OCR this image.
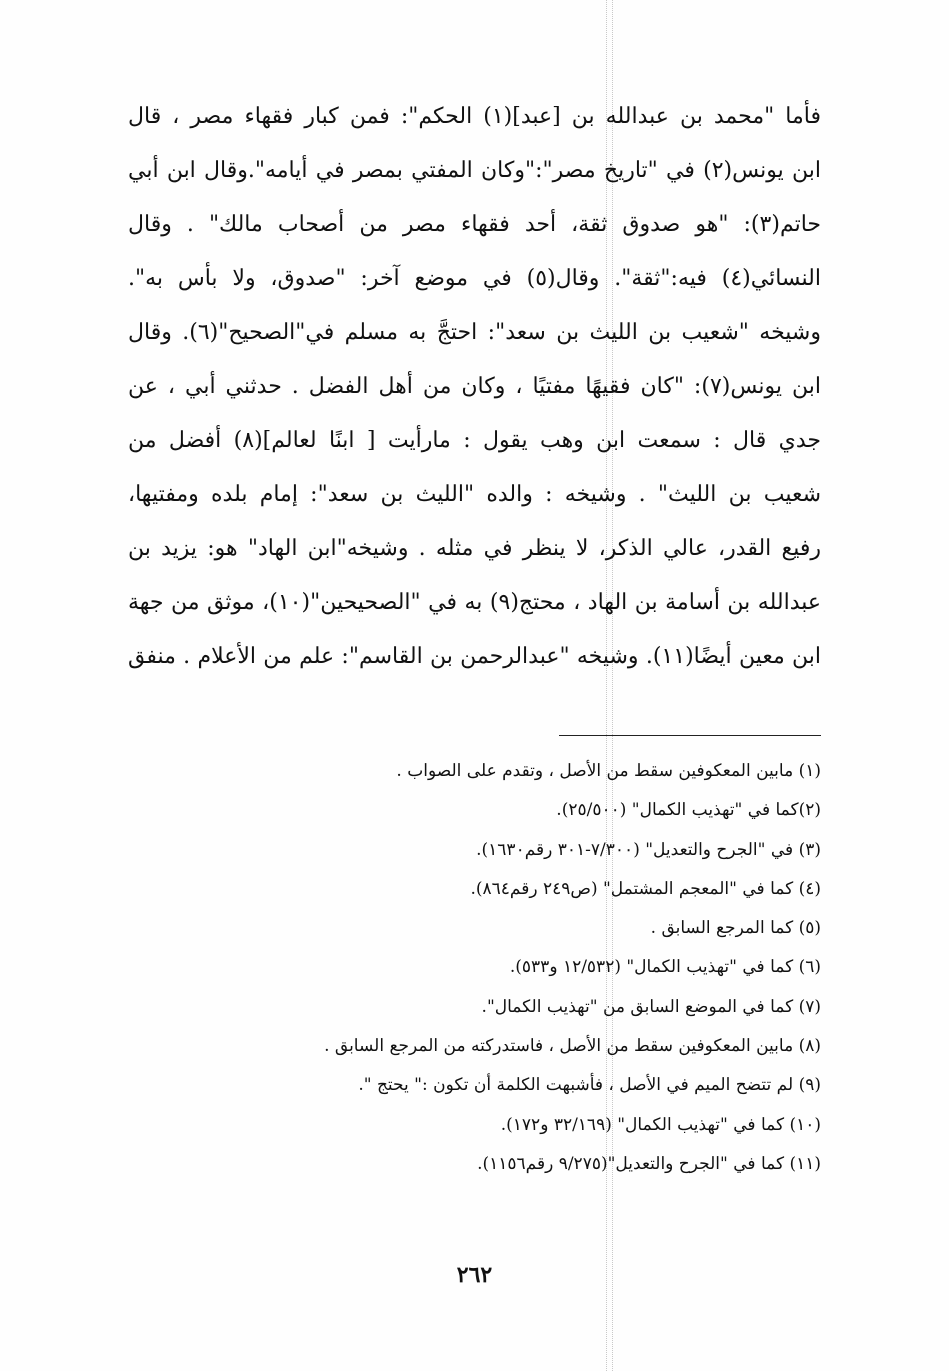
فأما "محمد بن عبدالله بن [عبد](١) الحكم": فمن كبار فقهاء مصر ، قال
ابن يونس(٢) في "تاريخ مصر":"وكان المفتي بمصر في أيامه".وقال ابن أبي
حاتم(٣): "هو صدوق ثقة، أحد فقهاء مصر من أصحاب مالك" . وقال
النسائي(٤) فيه:"ثقة". وقال(٥) في موضع آخر: "صدوق، ولا بأس به".
وشيخه "شعيب بن الليث بن سعد": احتجَّ به مسلم في"الصحيح"(٦). وقال
ابن يونس(٧): "كان فقيهًا مفتيًا ، وكان من أهل الفضل . حدثني أبي ، عن
جدي قال : سمعت ابن وهب يقول : مارأيت [ ابنًا لعالم](٨) أفضل من
شعيب بن الليث" . وشيخه : والده "الليث بن سعد": إمام بلده ومفتيها،
رفيع القدر، عالي الذكر، لا ينظر في مثله . وشيخه"ابن الهاد" هو: يزيد بن
عبدالله بن أسامة بن الهاد ، محتج(٩) به في "الصحيحين"(١٠)، موثق من جهة
ابن معين أيضًا(١١). وشيخه "عبدالرحمن بن القاسم": علم من الأعلام . منفق
(١) مابين المعكوفين سقط من الأصل ، وتقدم على الصواب .
(٢)كما في "تهذيب الكمال" (٢٥/٥٠٠).
(٣) في "الجرح والتعديل" (٧/٣٠٠-٣٠١ رقم١٦٣٠).
(٤) كما في "المعجم المشتمل" (ص٢٤٩ رقم٨٦٤).
(٥) كما المرجع السابق .
(٦) كما في "تهذيب الكمال" (١٢/٥٣٢ و٥٣٣).
(٧) كما في الموضع السابق من "تهذيب الكمال".
(٨) مابين المعكوفين سقط من الأصل ، فاستدركته من المرجع السابق .
(٩) لم تتضح الميم في الأصل ، فأشبهت الكلمة أن تكون :" يحتج ".
(١٠) كما في "تهذيب الكمال" (٣٢/١٦٩ و١٧٢).
(١١) كما في "الجرح والتعديل"(٩/٢٧٥ رقم١١٥٦).
٢٦٢
